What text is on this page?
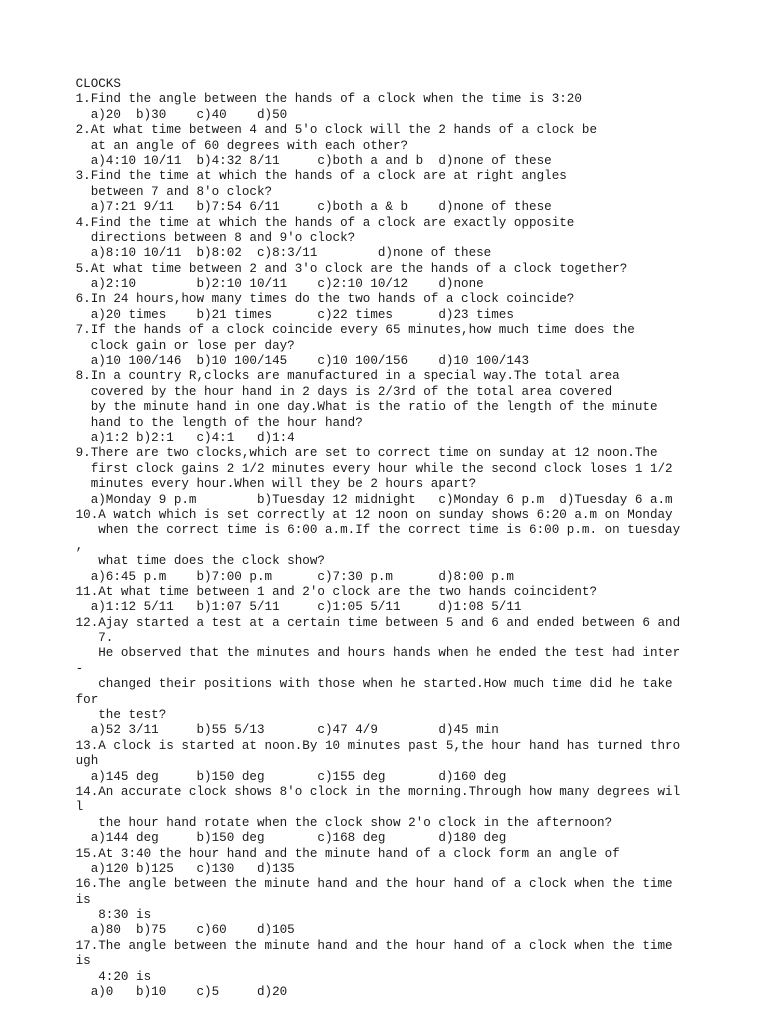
CLOCKS
1.Find the angle between the hands of a clock when the time is 3:20
a)20  b)30    c)40    d)50
2.At what time between 4 and 5'o clock will the 2 hands of a clock be
at an angle of 60 degrees with each other?
a)4:10 10/11  b)4:32 8/11     c)both a and b  d)none of these
3.Find the time at which the hands of a clock are at right angles
between 7 and 8'o clock?
a)7:21 9/11   b)7:54 6/11     c)both a & b    d)none of these
4.Find the time at which the hands of a clock are exactly opposite
directions between 8 and 9'o clock?
a)8:10 10/11  b)8:02  c)8:3/11        d)none of these
5.At what time between 2 and 3'o clock are the hands of a clock together?
a)2:10        b)2:10 10/11    c)2:10 10/12    d)none
6.In 24 hours,how many times do the two hands of a clock coincide?
a)20 times    b)21 times      c)22 times      d)23 times
7.If the hands of a clock coincide every 65 minutes,how much time does the
clock gain or lose per day?
a)10 100/146  b)10 100/145    c)10 100/156    d)10 100/143
8.In a country R,clocks are manufactured in a special way.The total area
covered by the hour hand in 2 days is 2/3rd of the total area covered
by the minute hand in one day.What is the ratio of the length of the minute
hand to the length of the hour hand?
a)1:2 b)2:1   c)4:1   d)1:4
9.There are two clocks,which are set to correct time on sunday at 12 noon.The
first clock gains 2 1/2 minutes every hour while the second clock loses 1 1/2
minutes every hour.When will they be 2 hours apart?
a)Monday 9 p.m        b)Tuesday 12 midnight   c)Monday 6 p.m  d)Tuesday 6 a.m
10.A watch which is set correctly at 12 noon on sunday shows 6:20 a.m on Monday
when the correct time is 6:00 a.m.If the correct time is 6:00 p.m. on tuesday
,
what time does the clock show?
a)6:45 p.m    b)7:00 p.m      c)7:30 p.m      d)8:00 p.m
11.At what time between 1 and 2'o clock are the two hands coincident?
a)1:12 5/11   b)1:07 5/11     c)1:05 5/11     d)1:08 5/11
12.Ajay started a test at a certain time between 5 and 6 and ended between 6 and
7.
He observed that the minutes and hours hands when he ended the test had inter
-
changed their positions with those when he started.How much time did he take
for
the test?
a)52 3/11     b)55 5/13       c)47 4/9        d)45 min
13.A clock is started at noon.By 10 minutes past 5,the hour hand has turned thro
ugh
a)145 deg     b)150 deg       c)155 deg       d)160 deg
14.An accurate clock shows 8'o clock in the morning.Through how many degrees wil
l
the hour hand rotate when the clock show 2'o clock in the afternoon?
a)144 deg     b)150 deg       c)168 deg       d)180 deg
15.At 3:40 the hour hand and the minute hand of a clock form an angle of
a)120 b)125   c)130   d)135
16.The angle between the minute hand and the hour hand of a clock when the time
is
8:30 is
a)80  b)75    c)60    d)105
17.The angle between the minute hand and the hour hand of a clock when the time
is
4:20 is
a)0   b)10    c)5     d)20
